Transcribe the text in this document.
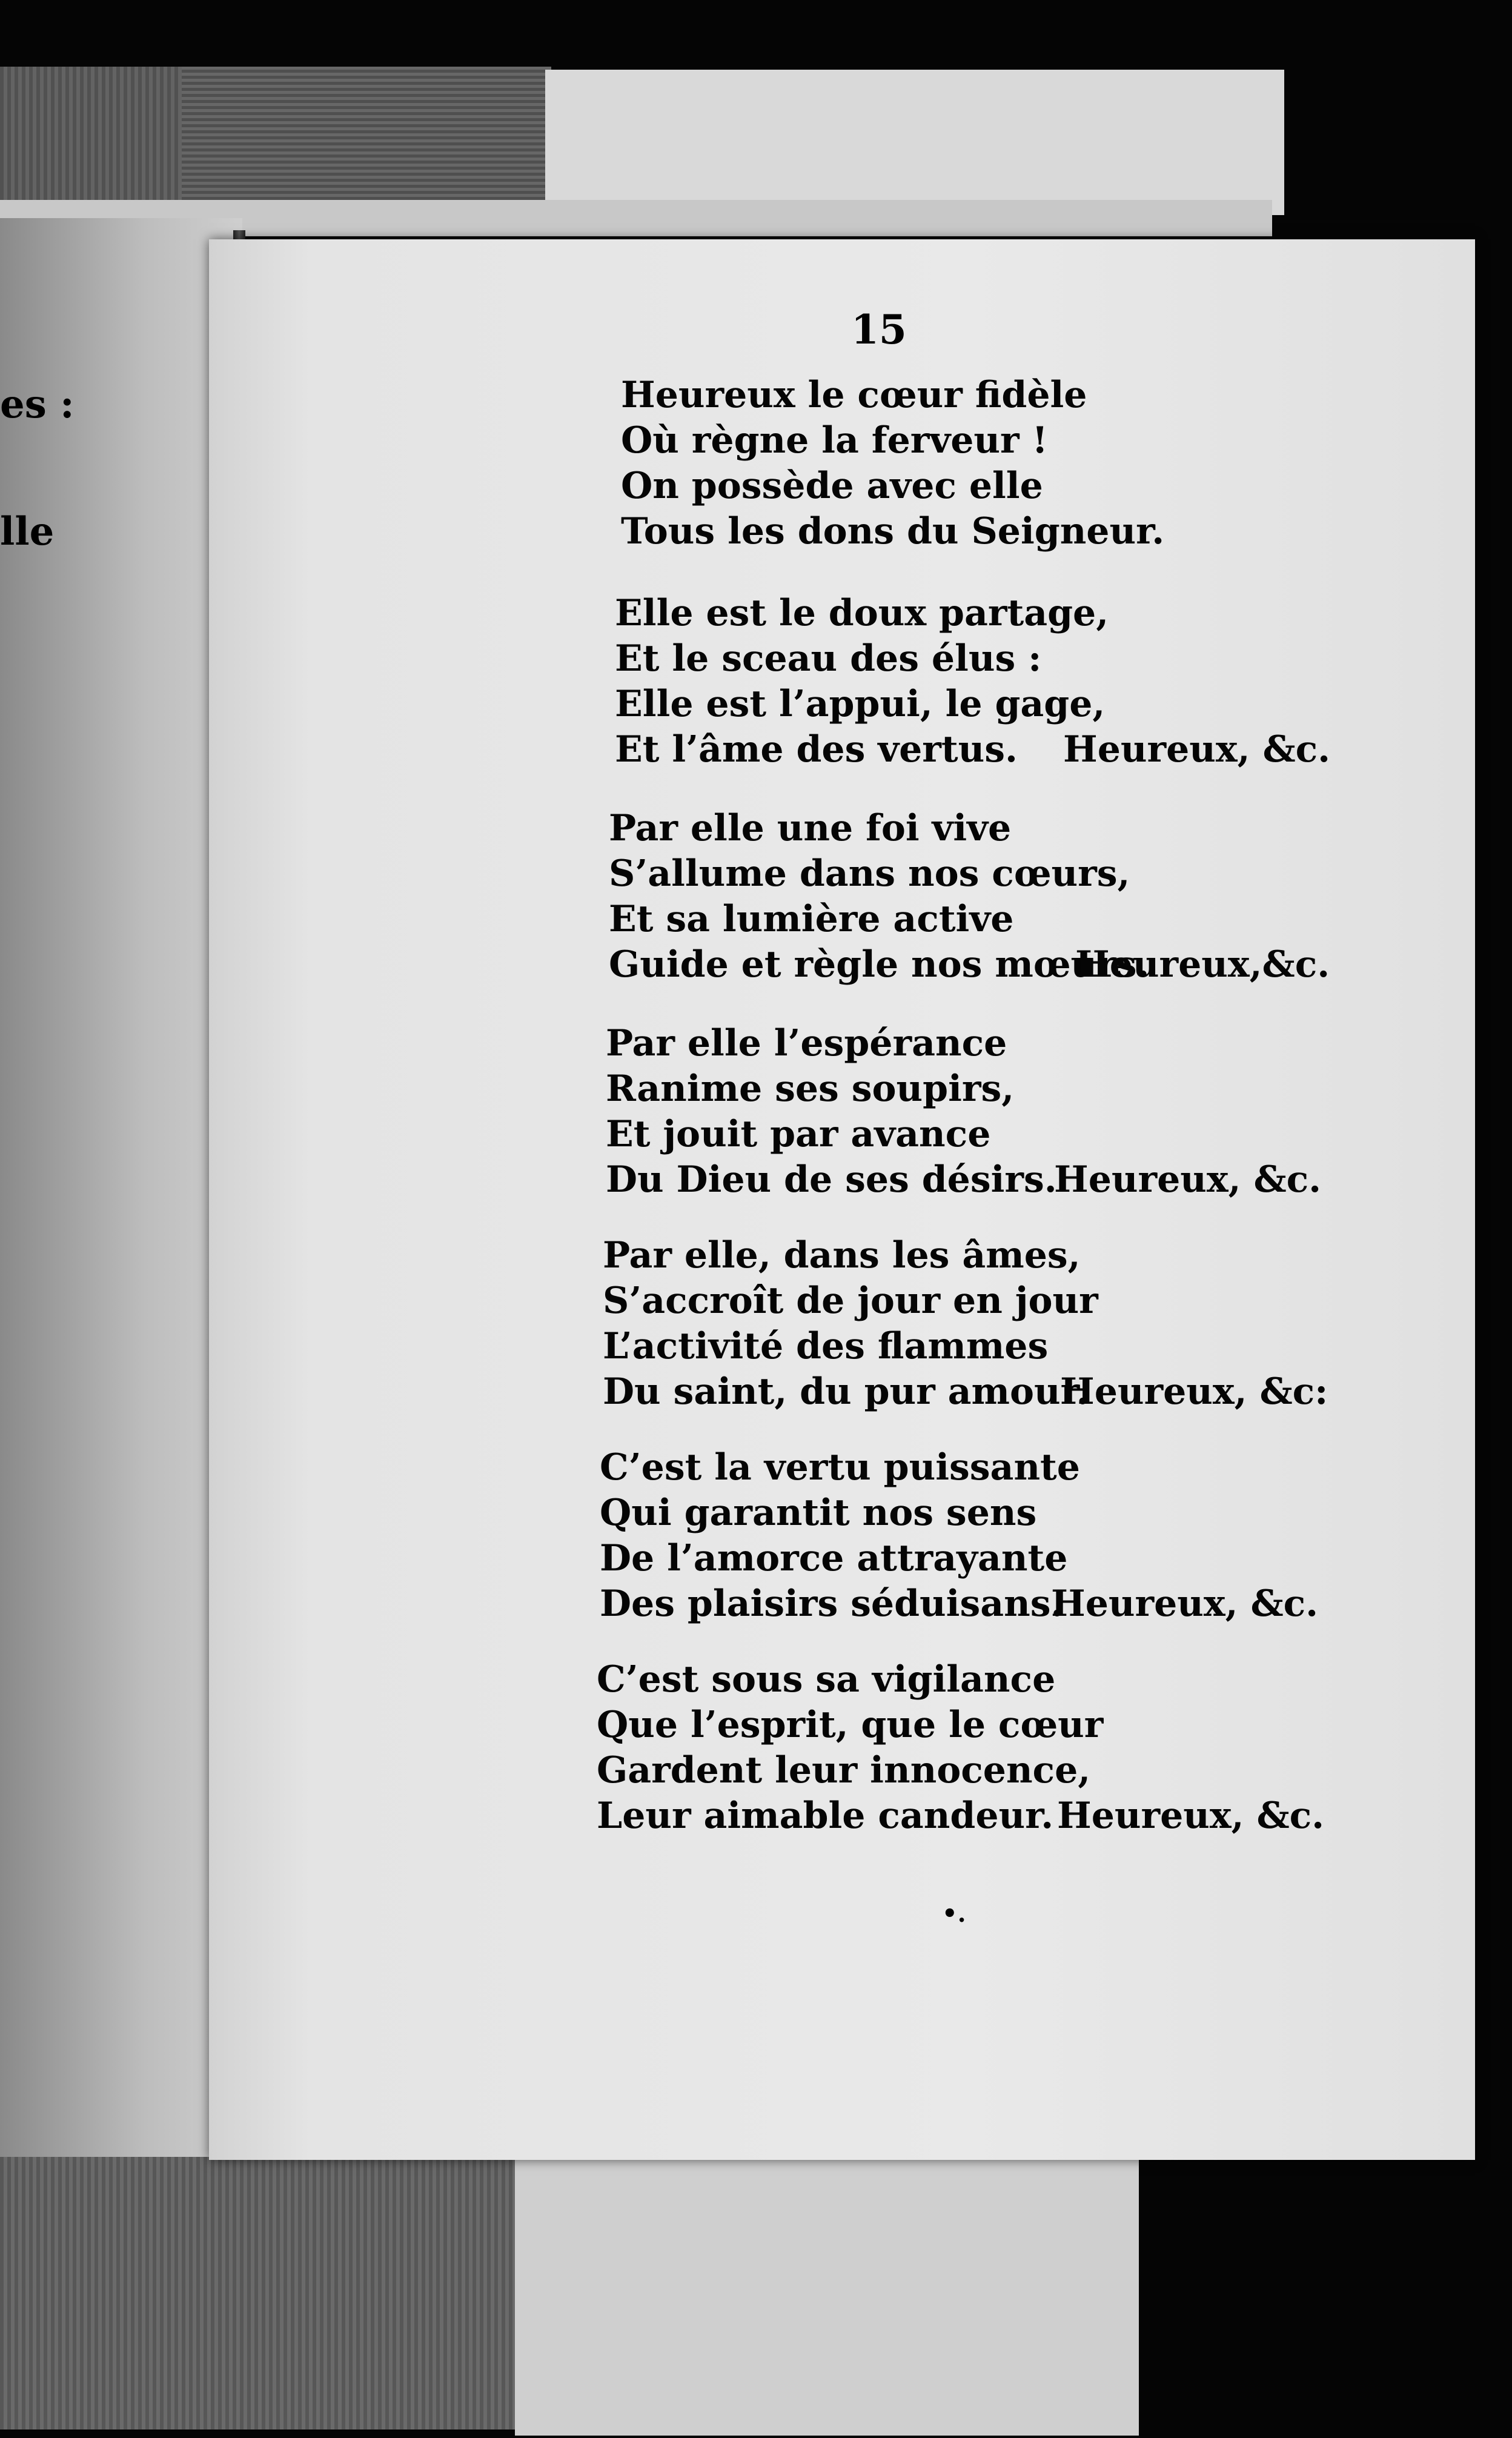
es :
lle
15
Heureux le cœur fidèle
Où règne la ferveur !
On possède avec elle
Tous les dons du Seigneur.
Elle est le doux partage,
Et le sceau des élus :
Elle est l’appui, le gage,
Et l’âme des vertus. Heureux, &c.
Par elle une foi vive
S’allume dans nos cœurs,
Et sa lumière active
Guide et règle nos mœurs.
Heureux,&c.
Par elle l’espérance
Ranime ses soupirs,
Et jouit par avance
Du Dieu de ses désirs.
Heureux, &c.
Par elle, dans les âmes,
S’accroît de jour en jour
L’activité des flammes
Du saint, du pur amour.
Heureux, &c:
C’est la vertu puissante
Qui garantit nos sens
De l’amorce attrayante
Des plaisirs séduisans.
Heureux, &c.
C’est sous sa vigilance
Que l’esprit, que le cœur
Gardent leur innocence,
Leur aimable candeur. Heureux, &c.
•.
